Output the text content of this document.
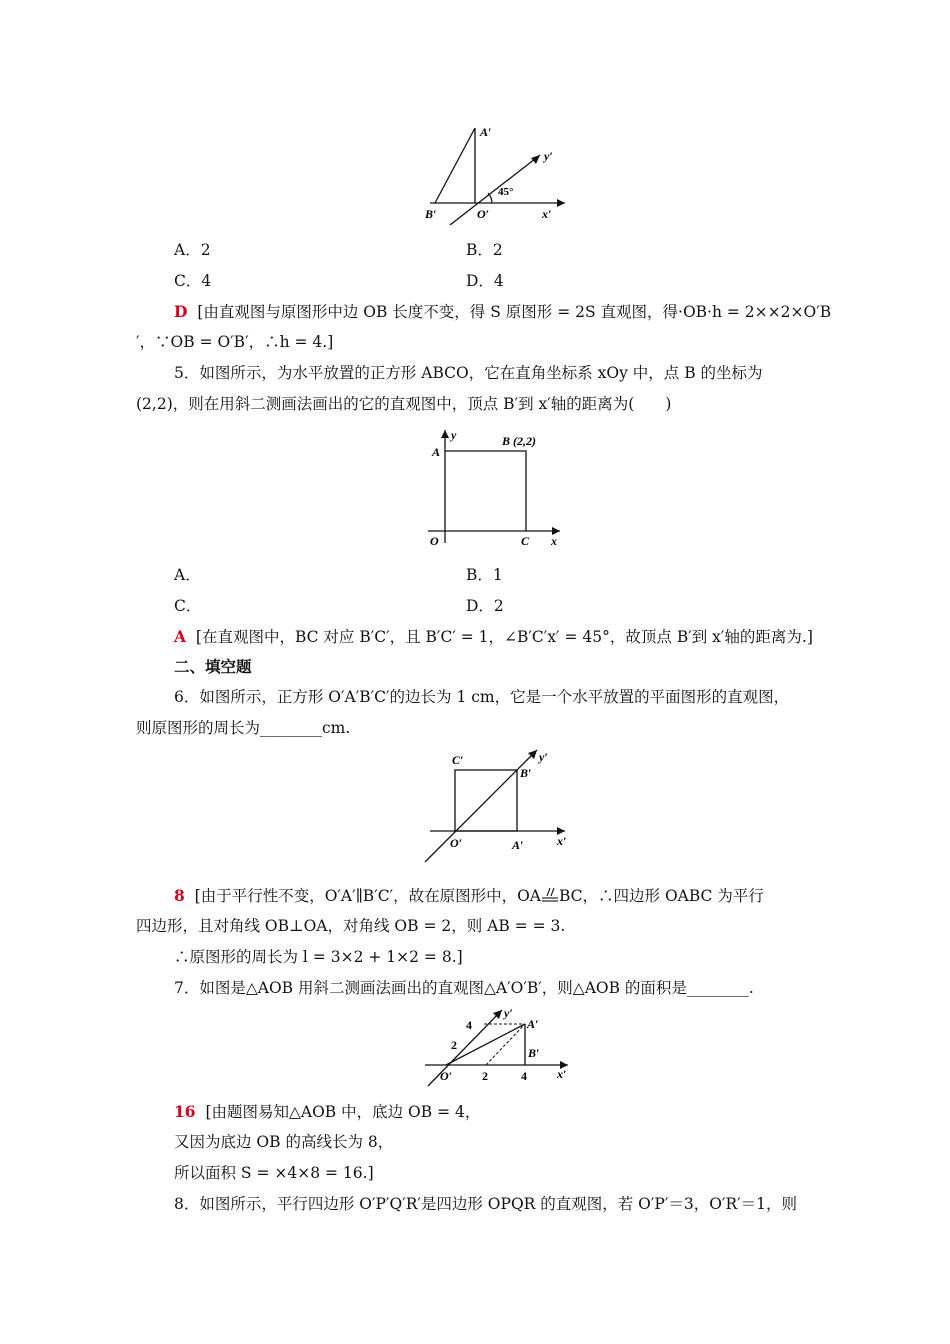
A′
B′	O′	x′
y′
45°
A．2	B．2
C．4	D．4
D [由直观图与原图形中边 OB 长度不变，得 S 原图形 = 2S 直观图，得·OB·h = 2××2×O′B
′，∵OB = O′B′，∴h = 4.]
5．如图所示，为水平放置的正方形 ABCO，它在直角坐标系 xOy 中，点 B 的坐标为
(2,2)，则在用斜二测画法画出的它的直观图中，顶点 B′到 x′轴的距离为(　　)
y	B (2,2)
A
O	C x
A．	B．1
C．	D．2
A [在直观图中，BC 对应 B′C′，且 B′C′ = 1，∠B′C′x′ = 45°，故顶点 B′到 x′轴的距离为.]
二、填空题
6．如图所示，正方形 O′A′B′C′的边长为 1 cm，它是一个水平放置的平面图形的直观图，
则原图形的周长为________cm.
C′
B′
y′
O′	A′	x′
8 [由于平行性不变，O′A′∥B′C′，故在原图形中，OA BC，∴四边形 OABC 为平行
四边形，且对角线 OB⊥OA，对角线 OB = 2，则 AB = = 3.
∴原图形的周长为 l = 3×2 + 1×2 = 8.]
7．如图是△AOB 用斜二测画法画出的直观图△A′O′B′，则△AOB 的面积是________.
4
y′
A′
2
B′
O′ 2	4	x′
16 [由题图易知△AOB 中，底边 OB = 4，
又因为底边 OB 的高线长为 8，
所以面积 S = ×4×8 = 16.]
8．如图所示，平行四边形 O′P′Q′R′是四边形 OPQR 的直观图，若 O′P′＝3，O′R′＝1，则
